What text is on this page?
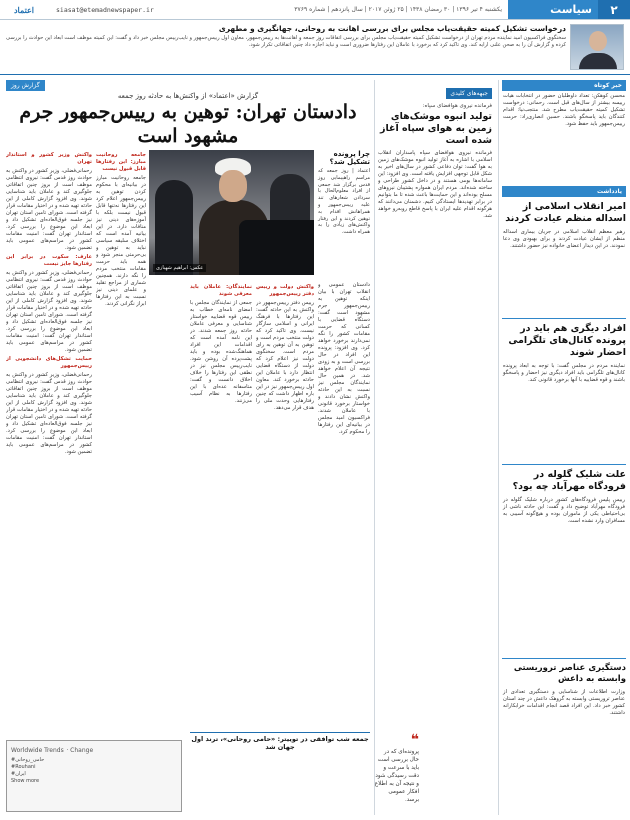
۲
سیاست
یکشنبه ۴ تیر ۱۳۹۶ | ۳۰ رمضان ۱۴۳۸ | ۲۵ ژوئن ۲۰۱۷ | سال پانزدهم | شماره ۳۷۶۹
siasat@etemadnewspaper.ir
اعتماد
درخواست تشکیل کمیته حقیقت‌یاب مجلس برای بررسی اهانت به روحانی، جهانگیری و مطهری
سخنگوی فراکسیون امید نماینده مردم تهران از درخواست تشکیل کمیته حقیقت‌یاب مجلس برای بررسی اتفاقات روز جمعه و اهانت‌ها به رییس‌جمهور، معاون اول رییس‌جمهور و نایب‌رییس مجلس خبر داد و گفت: این کمیته موظف است ابعاد این حوادث را بررسی کرده و گزارش آن را به صحن علنی ارایه کند. وی تاکید کرد که برخورد با عاملان این رفتارها ضروری است و نباید اجازه داد چنین اتفاقاتی تکرار شود.
خبر کوتاه
محسن کوهکن: تعداد داوطلبان حضور در انتخابات هیات رییسه بیشتر از سال‌های قبل است. رحمانی: درخواست تشکیل کمیته حقیقت‌یاب مطرح شد. منتجب‌نیا: اقدام کنندگان باید پاسخگو باشند. حسین انصاری‌راد: حرمت رییس‌جمهور باید حفظ شود.
یادداشت
امیر انقلاب اسلامی از اسداله منظم عیادت کردند
رهبر معظم انقلاب اسلامی در جریان بیماری اسداله منظم از ایشان عیادت کردند و برای بهبودی وی دعا نمودند. در این دیدار اعضای خانواده نیز حضور داشتند.
افراد دیگری هم باید در پرونده کانال‌های تلگرامی احضار شوند
نماینده مردم در مجلس گفت: با توجه به ابعاد پرونده کانال‌های تلگرامی باید افراد دیگری نیز احضار و پاسخگو باشند و قوه قضاییه با آنها برخورد قانونی کند.
علت شلیک گلوله در فرودگاه مهرآباد چه بود؟
رییس پلیس فرودگاه‌های کشور درباره شلیک گلوله در فرودگاه مهرآباد توضیح داد و گفت: این حادثه ناشی از بی‌احتیاطی یکی از ماموران بوده و هیچ‌گونه آسیبی به مسافران وارد نشده است.
دستگیری عناصر تروریستی وابسته به داعش
وزارت اطلاعات از شناسایی و دستگیری تعدادی از عناصر تروریستی وابسته به گروهک داعش در چند استان کشور خبر داد. این افراد قصد انجام اقدامات خرابکارانه داشتند.
جبهه‌های کلیدی
فرمانده نیروی هوافضای سپاه:
تولید انبوه موشک‌های زمین به هوای سپاه آغاز شده است
فرمانده نیروی هوافضای سپاه پاسداران انقلاب اسلامی با اشاره به آغاز تولید انبوه موشک‌های زمین به هوا گفت: توان دفاعی کشور در سال‌های اخیر به شکل قابل توجهی افزایش یافته است. وی افزود: این سامانه‌ها بومی هستند و در داخل کشور طراحی و ساخته شده‌اند. مردم ایران همواره پشتیبان نیروهای مسلح بوده‌اند و این حمایت‌ها باعث شده تا ما بتوانیم در برابر تهدیدها ایستادگی کنیم. دشمنان می‌دانند که هرگونه اقدام علیه ایران با پاسخ قاطع روبه‌رو خواهد شد.
گزارش روز
گزارش «اعتماد» از واکنش‌ها به حادثه روز جمعه
دادستان تهران: توهین به رییس‌جمهور جرم مشهود است
عکس: ابراهیم شهبازی
چرا پرونده تشکیل شد؟
اعتماد | روز جمعه که مراسم راهپیمایی روز قدس برگزار شد جمعی از افراد معلوم‌الحال با سردادن شعارهای تند علیه رییس‌جمهور و همراهانش اقدام به توهین کردند و این رفتار واکنش‌های زیادی را به همراه داشت.
دادستان عمومی و انقلاب تهران با بیان اینکه توهین به رییس‌جمهور جرم مشهود است گفت: دستگاه قضایی با کسانی که حرمت مقامات کشور را نگه نمی‌دارند برخورد خواهد کرد. وی افزود: پرونده این افراد در حال بررسی است و به زودی نتیجه آن اعلام خواهد شد. در همین حال نمایندگان مجلس نیز نسبت به این حادثه واکنش نشان دادند و خواستار برخورد قانونی با عاملان شدند. فراکسیون امید مجلس در بیانیه‌ای این رفتارها را محکوم کرد.
واکنش دولت و رییس دفتر رییس‌جمهور
رییس دفتر رییس‌جمهور در واکنش به این حادثه گفت: این رفتارها با فرهنگ ایرانی و اسلامی سازگار نیست. وی تاکید کرد که دولت منتخب مردم است و توهین به آن توهین به رای مردم است. سخنگوی دولت نیز اعلام کرد که دولت از دستگاه قضایی انتظار دارد با عاملان این حادثه برخورد کند. معاون اول رییس‌جمهور نیز در این باره اظهار داشت که چنین رفتارهایی وحدت ملی را هدف قرار می‌دهد.
نمایندگان: عاملان باید معرفی شوند
جمعی از نمایندگان مجلس با امضای نامه‌ای خطاب به رییس قوه قضاییه خواستار شناسایی و معرفی عاملان حادثه روز جمعه شدند. در این نامه آمده است که اقدامات این افراد هماهنگ‌شده بوده و باید پشت‌پرده آن روشن شود. نایب‌رییس مجلس نیز در نطقی این رفتارها را خلاف اخلاق دانست و گفت: متاسفانه عده‌ای با این رفتارها به نظام آسیب می‌زنند.
جامعه روحانیت مبارز: این رفتارها قابل قبول نیست
جامعه روحانیت مبارز در بیانیه‌ای با محکوم کردن توهین به رییس‌جمهور اعلام کرد این رفتارها نه‌تنها قابل قبول نیست بلکه با آموزه‌های دینی نیز منافات دارد. در این بیانیه آمده است که اختلاف سلیقه سیاسی نباید به توهین و بی‌حرمتی منجر شود و همه باید حرمت مقامات منتخب مردم را نگه دارند. همچنین شماری از مراجع تقلید و علمای دینی نیز نسبت به این رفتارها ابراز نگرانی کردند.
واکنش وزیر کشور و استاندار تهران
رحمانی‌فضلی، وزیر کشور در واکنش به حوادث روز قدس گفت: نیروی انتظامی موظف است از بروز چنین اتفاقاتی جلوگیری کند و عاملان باید شناسایی شوند. وی افزود گزارش کاملی از این حادثه تهیه شده و در اختیار مقامات قرار گرفته است. شورای تامین استان تهران نیز جلسه فوق‌العاده‌ای تشکیل داد و ابعاد این موضوع را بررسی کرد. استاندار تهران گفت: امنیت مقامات کشور در مراسم‌های عمومی باید تضمین شود.
عارف: سکوت در برابر این رفتارها جایز نیست
رحمانی‌فضلی، وزیر کشور در واکنش به حوادث روز قدس گفت: نیروی انتظامی موظف است از بروز چنین اتفاقاتی جلوگیری کند و عاملان باید شناسایی شوند. وی افزود گزارش کاملی از این حادثه تهیه شده و در اختیار مقامات قرار گرفته است. شورای تامین استان تهران نیز جلسه فوق‌العاده‌ای تشکیل داد و ابعاد این موضوع را بررسی کرد. استاندار تهران گفت: امنیت مقامات کشور در مراسم‌های عمومی باید تضمین شود.
حمایت تشکل‌های دانشجویی از رییس‌جمهور
رحمانی‌فضلی، وزیر کشور در واکنش به حوادث روز قدس گفت: نیروی انتظامی موظف است از بروز چنین اتفاقاتی جلوگیری کند و عاملان باید شناسایی شوند. وی افزود گزارش کاملی از این حادثه تهیه شده و در اختیار مقامات قرار گرفته است. شورای تامین استان تهران نیز جلسه فوق‌العاده‌ای تشکیل داد و ابعاد این موضوع را بررسی کرد. استاندار تهران گفت: امنیت مقامات کشور در مراسم‌های عمومی باید تضمین شود.
جمعه شب توافقی در توییتر: «حامی روحانی»، ترند اول جهان شد	❝
پرونده‌ای که در حال بررسی است باید با سرعت و دقت رسیدگی شود و نتیجه آن به اطلاع افکار عمومی برسد.
Worldwide Trends · Change
#حامی_روحانی
#Rouhani
#ایران
Show more
